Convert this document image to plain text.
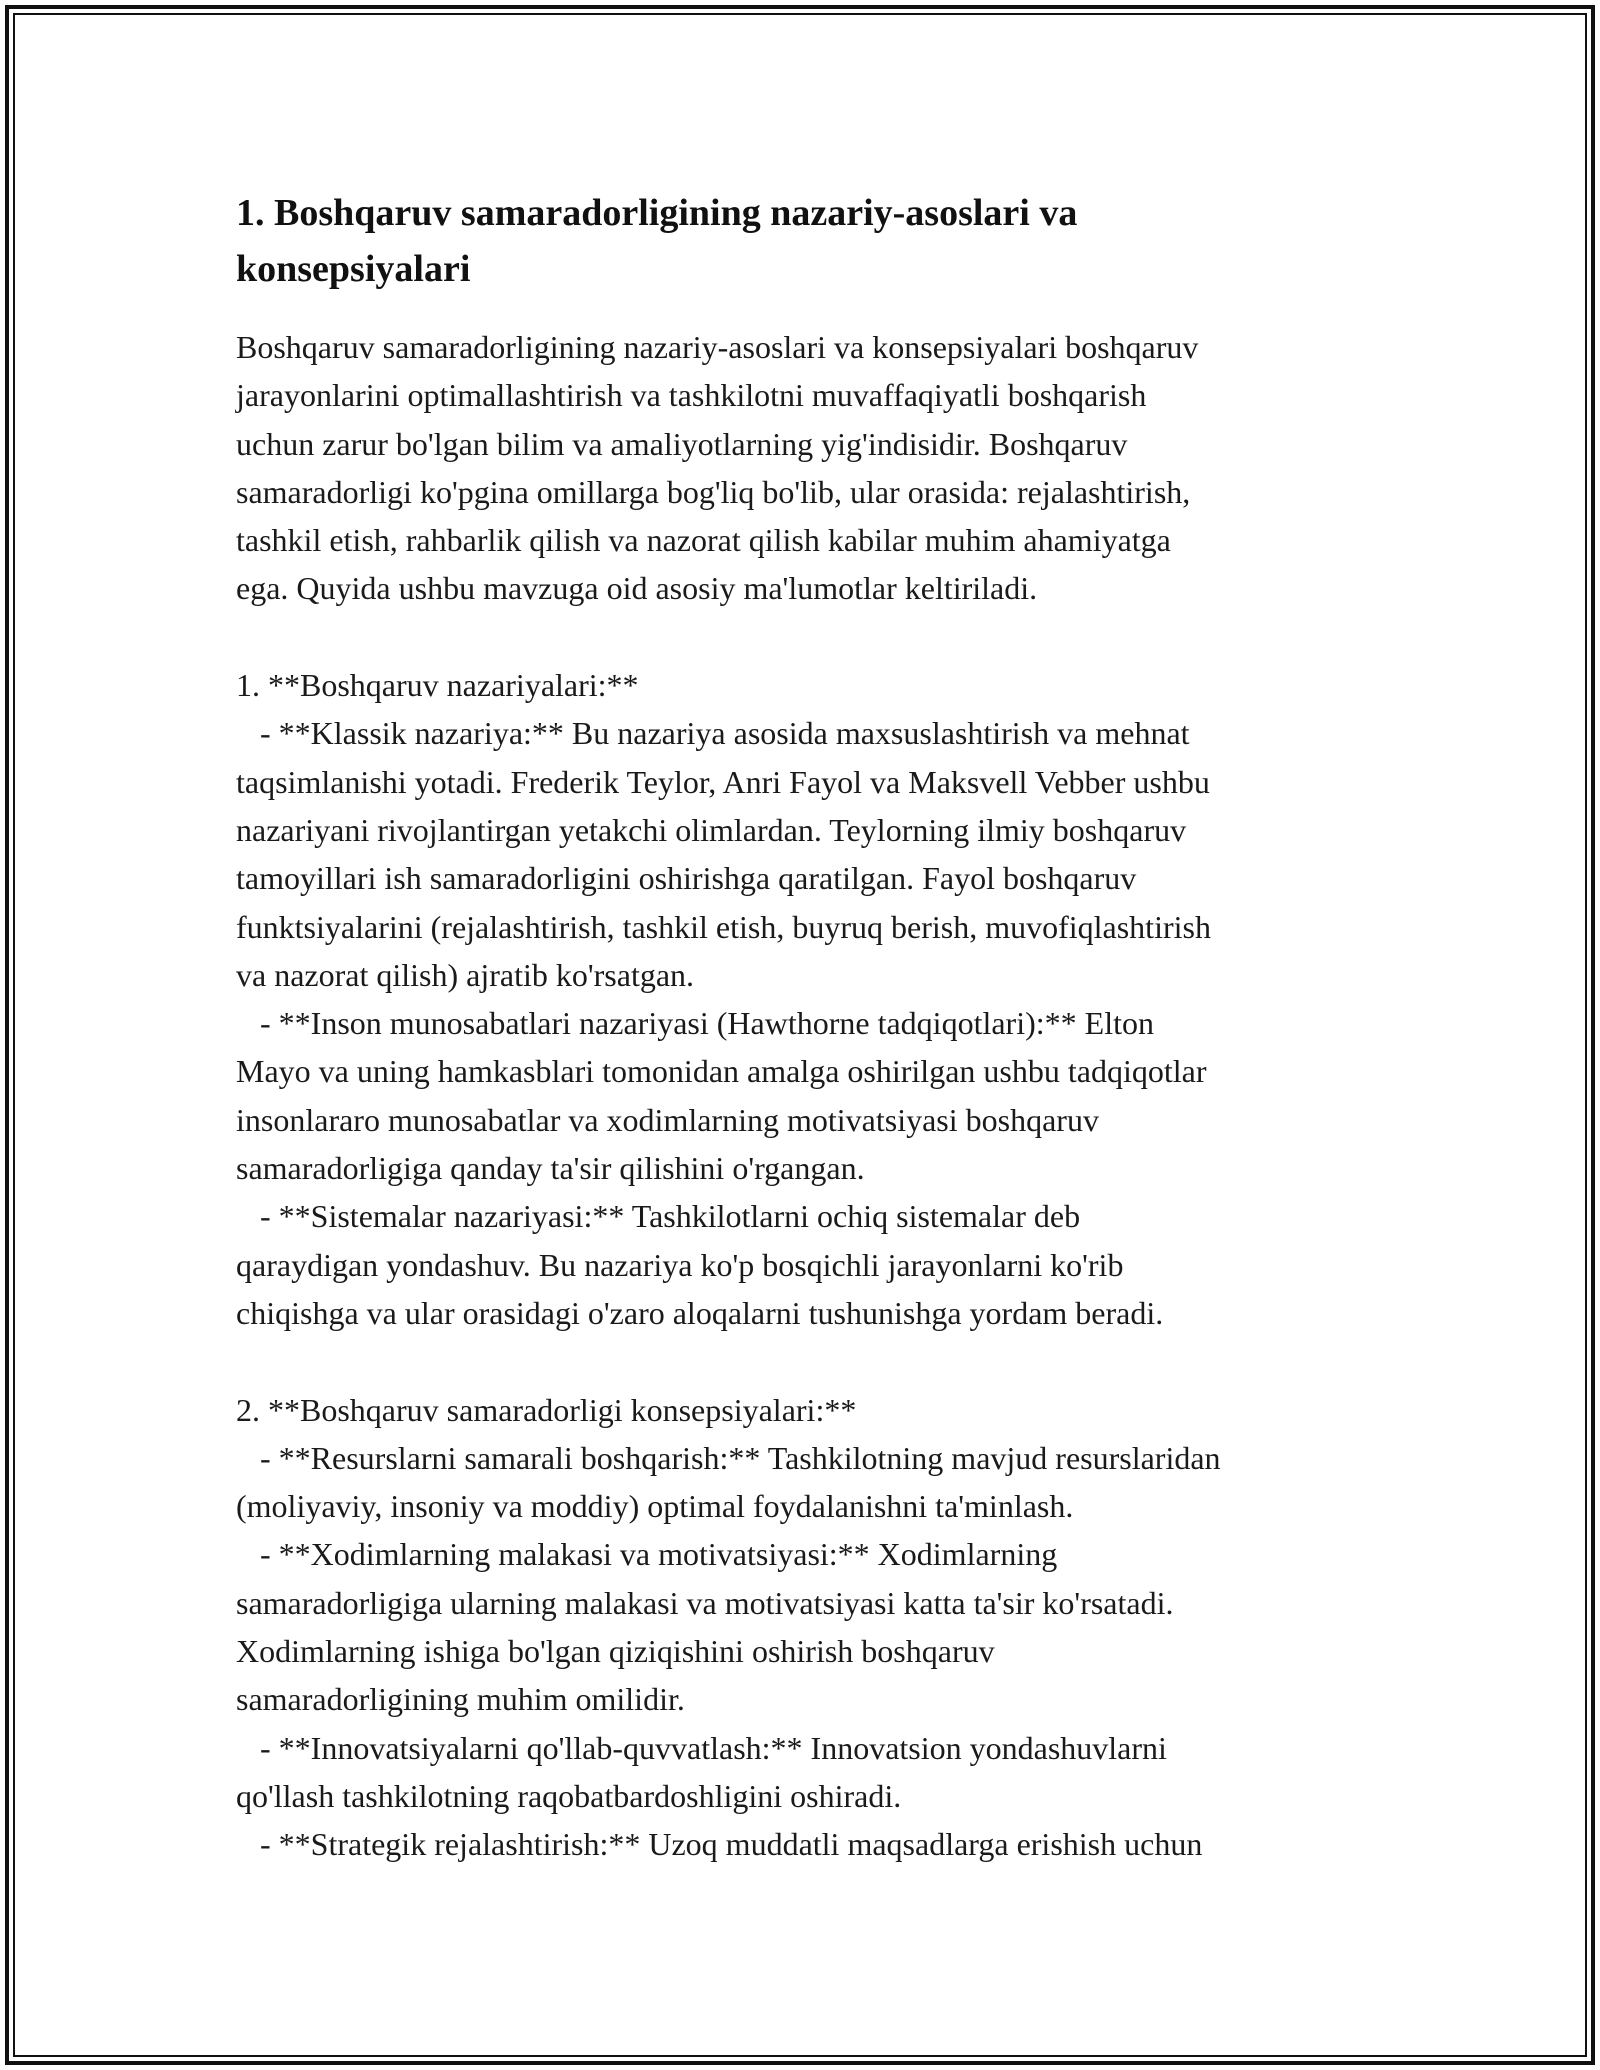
1. Boshqaruv samaradorligining nazariy-asoslari va
konsepsiyalari
Boshqaruv samaradorligining nazariy-asoslari va konsepsiyalari boshqaruv
jarayonlarini optimallashtirish va tashkilotni muvaffaqiyatli boshqarish
uchun zarur bo'lgan bilim va amaliyotlarning yig'indisidir. Boshqaruv
samaradorligi ko'pgina omillarga bog'liq bo'lib, ular orasida: rejalashtirish,
tashkil etish, rahbarlik qilish va nazorat qilish kabilar muhim ahamiyatga
ega. Quyida ushbu mavzuga oid asosiy ma'lumotlar keltiriladi.

1. **Boshqaruv nazariyalari:**
- **Klassik nazariya:** Bu nazariya asosida maxsuslashtirish va mehnat
taqsimlanishi yotadi. Frederik Teylor, Anri Fayol va Maksvell Vebber ushbu
nazariyani rivojlantirgan yetakchi olimlardan. Teylorning ilmiy boshqaruv
tamoyillari ish samaradorligini oshirishga qaratilgan. Fayol boshqaruv
funktsiyalarini (rejalashtirish, tashkil etish, buyruq berish, muvofiqlashtirish
va nazorat qilish) ajratib ko'rsatgan.
- **Inson munosabatlari nazariyasi (Hawthorne tadqiqotlari):** Elton
Mayo va uning hamkasblari tomonidan amalga oshirilgan ushbu tadqiqotlar
insonlararo munosabatlar va xodimlarning motivatsiyasi boshqaruv
samaradorligiga qanday ta'sir qilishini o'rgangan.
- **Sistemalar nazariyasi:** Tashkilotlarni ochiq sistemalar deb
qaraydigan yondashuv. Bu nazariya ko'p bosqichli jarayonlarni ko'rib
chiqishga va ular orasidagi o'zaro aloqalarni tushunishga yordam beradi.

2. **Boshqaruv samaradorligi konsepsiyalari:**
- **Resurslarni samarali boshqarish:** Tashkilotning mavjud resurslaridan
(moliyaviy, insoniy va moddiy) optimal foydalanishni ta'minlash.
- **Xodimlarning malakasi va motivatsiyasi:** Xodimlarning
samaradorligiga ularning malakasi va motivatsiyasi katta ta'sir ko'rsatadi.
Xodimlarning ishiga bo'lgan qiziqishini oshirish boshqaruv
samaradorligining muhim omilidir.
- **Innovatsiyalarni qo'llab-quvvatlash:** Innovatsion yondashuvlarni
qo'llash tashkilotning raqobatbardoshligini oshiradi.
- **Strategik rejalashtirish:** Uzoq muddatli maqsadlarga erishish uchun
